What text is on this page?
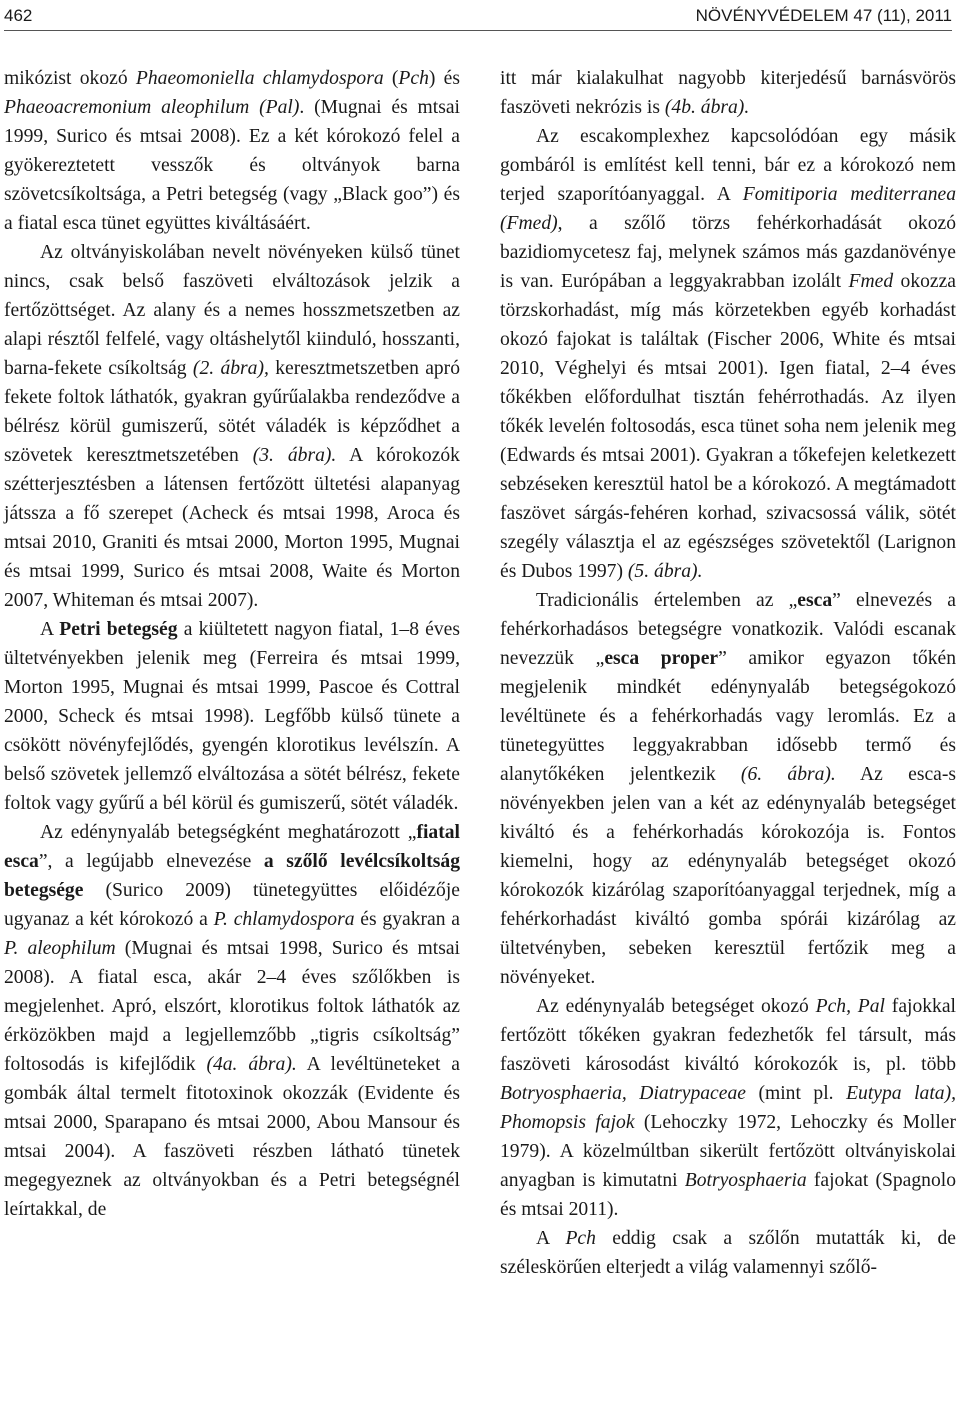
462	NÖVÉNYVÉDELEM 47 (11), 2011

mikózist okozó Phaeomoniella chlamydospora (Pch) és Phaeoacremonium aleophilum (Pal). (Mugnai és mtsai 1999, Surico és mtsai 2008). Ez a két kórokozó felel a gyökereztetett vesszők és oltványok barna szövetcsíkoltsága, a Petri betegség (vagy „Black goo”) és a fiatal esca tünet együttes kiváltásáért.

Az oltványiskolában nevelt növényeken külső tünet nincs, csak belső faszöveti elváltozások jelzik a fertőzöttséget. Az alany és a nemes hosszmetszetben az alapi résztől felfelé, vagy oltáshelytől kiinduló, hosszanti, barna-fekete csíkoltság (2. ábra), keresztmetszetben apró fekete foltok láthatók, gyakran gyűrűalakba rendeződve a bélrész körül gumiszerű, sötét váladék is képződhet a szövetek keresztmetszetében (3. ábra). A kórokozók szétterjesztésben a látensen fertőzött ültetési alapanyag játssza a fő szerepet (Acheck és mtsai 1998, Aroca és mtsai 2010, Graniti és mtsai 2000, Morton 1995, Mugnai és mtsai 1999, Surico és mtsai 2008, Waite és Morton 2007, Whiteman és mtsai 2007).

A Petri betegség a kiültetett nagyon fiatal, 1–8 éves ültetvényekben jelenik meg (Ferreira és mtsai 1999, Morton 1995, Mugnai és mtsai 1999, Pascoe és Cottral 2000, Scheck és mtsai 1998). Legfőbb külső tünete a csökött növényfejlődés, gyengén klorotikus levélszín. A belső szövetek jellemző elváltozása a sötét bélrész, fekete foltok vagy gyűrű a bél körül és gumiszerű, sötét váladék.

Az edénynyaláb betegségként meghatározott „fiatal esca”, a legújabb elnevezése a szőlő levélcsíkoltság betegsége (Surico 2009) tünetegyüttes előidézője ugyanaz a két kórokozó a P. chlamydospora és gyakran a P. aleophilum (Mugnai és mtsai 1998, Surico és mtsai 2008). A fiatal esca, akár 2–4 éves szőlőkben is megjelenhet. Apró, elszórt, klorotikus foltok láthatók az érközökben majd a legjellemzőbb „tigris csíkoltság” foltosodás is kifejlődik (4a. ábra). A levéltüneteket a gombák által termelt fitotoxinok okozzák (Evidente és mtsai 2000, Sparapano és mtsai 2000, Abou Mansour és mtsai 2004). A faszöveti részben látható tünetek megegyeznek az oltványokban és a Petri betegségnél leírtakkal, de

itt már kialakulhat nagyobb kiterjedésű barnásvörös faszöveti nekrózis is (4b. ábra).

Az escakomplexhez kapcsolódóan egy másik gombáról is említést kell tenni, bár ez a kórokozó nem terjed szaporítóanyaggal. A Fomitiporia mediterranea (Fmed), a szőlő törzs fehérkorhadását okozó bazidiomycetesz faj, melynek számos más gazdanövénye is van. Európában a leggyakrabban izolált Fmed okozza törzskorhadást, míg más körzetekben egyéb korhadást okozó fajokat is találtak (Fischer 2006, White és mtsai 2010, Véghelyi és mtsai 2001). Igen fiatal, 2–4 éves tőkékben előfordulhat tisztán fehérrothadás. Az ilyen tőkék levelén foltosodás, esca tünet soha nem jelenik meg (Edwards és mtsai 2001). Gyakran a tőkefejen keletkezett sebzéseken keresztül hatol be a kórokozó. A megtámadott faszövet sárgás-fehéren korhad, szivacsossá válik, sötét szegély választja el az egészséges szövetektől (Larignon és Dubos 1997) (5. ábra).

Tradicionális értelemben az „esca” elnevezés a fehérkorhadásos betegségre vonatkozik. Valódi escanak nevezzük „esca proper” amikor egyazon tőkén megjelenik mindkét edénynyaláb betegségokozó levéltünete és a fehérkorhadás vagy leromlás. Ez a tünetegyüttes leggyakrabban idősebb termő és alanytőkéken jelentkezik (6. ábra). Az esca-s növényekben jelen van a két az edénynyaláb betegséget kiváltó és a fehérkorhadás kórokozója is. Fontos kiemelni, hogy az edénynyaláb betegséget okozó kórokozók kizárólag szaporítóanyaggal terjednek, míg a fehérkorhadást kiváltó gomba spórái kizárólag az ültetvényben, sebeken keresztül fertőzik meg a növényeket.

Az edénynyaláb betegséget okozó Pch, Pal fajokkal fertőzött tőkéken gyakran fedezhetők fel társult, más faszöveti károsodást kiváltó kórokozók is, pl. több Botryosphaeria, Diatrypaceae (mint pl. Eutypa lata), Phomopsis fajok (Lehoczky 1972, Lehoczky és Moller 1979). A közelmúltban sikerült fertőzött oltványiskolai anyagban is kimutatni Botryosphaeria fajokat (Spagnolo és mtsai 2011).

A Pch eddig csak a szőlőn mutatták ki, de széleskörűen elterjedt a világ valamennyi szőlő-
